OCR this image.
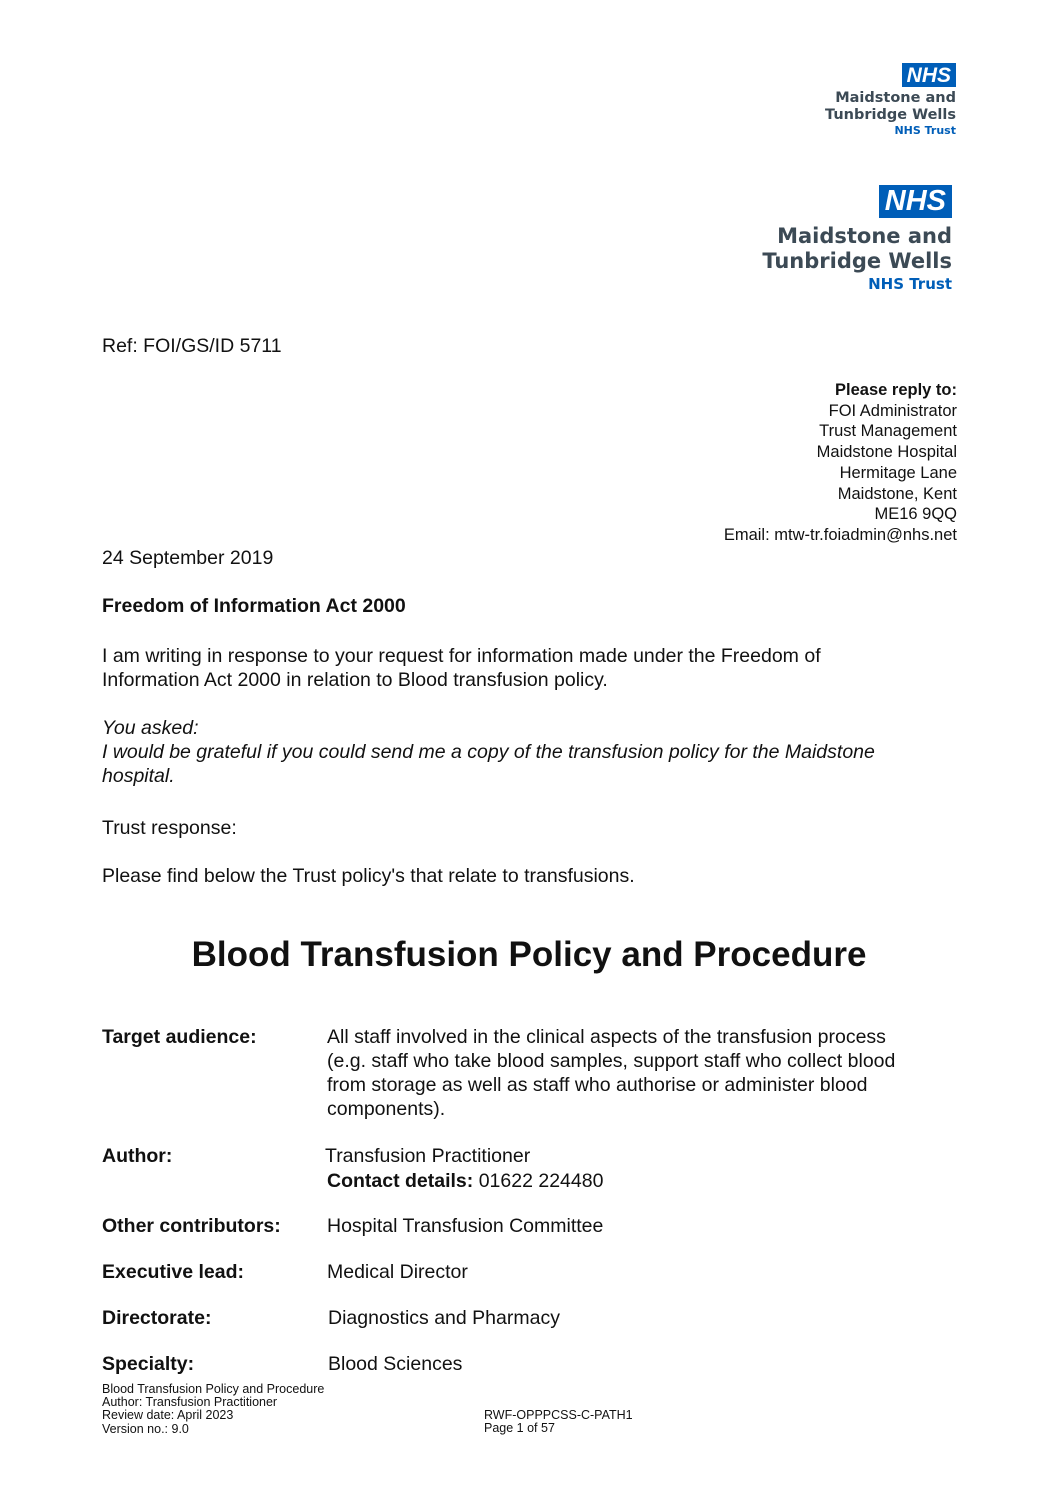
NHS
Maidstone and
Tunbridge Wells
NHS Trust
NHS
Maidstone and
Tunbridge Wells
NHS Trust
Ref: FOI/GS/ID 5711
Please reply to:
FOI Administrator
Trust Management
Maidstone Hospital
Hermitage Lane
Maidstone, Kent
ME16 9QQ
Email: mtw-tr.foiadmin@nhs.net
24 September 2019
Freedom of Information Act 2000
I am writing in response to your request for information made under the Freedom of
Information Act 2000 in relation to Blood transfusion policy.
You asked:
I would be grateful if you could send me a copy of the transfusion policy for the Maidstone
hospital.
Trust response:
Please find below the Trust policy's that relate to transfusions.
Blood Transfusion Policy and Procedure
Target audience:	All staff involved in the clinical aspects of the transfusion process
(e.g. staff who take blood samples, support staff who collect blood
from storage as well as staff who authorise or administer blood
components).
Author:	Transfusion Practitioner
Contact details: 01622 224480
Other contributors: Hospital Transfusion Committee
Executive lead:	Medical Director
Directorate:	Diagnostics and Pharmacy
Specialty:	Blood Sciences
Blood Transfusion Policy and Procedure
Author: Transfusion Practitioner
Review date: April 2023
Version no.: 9.0
RWF-OPPPCSS-C-PATH1
Page 1 of 57
